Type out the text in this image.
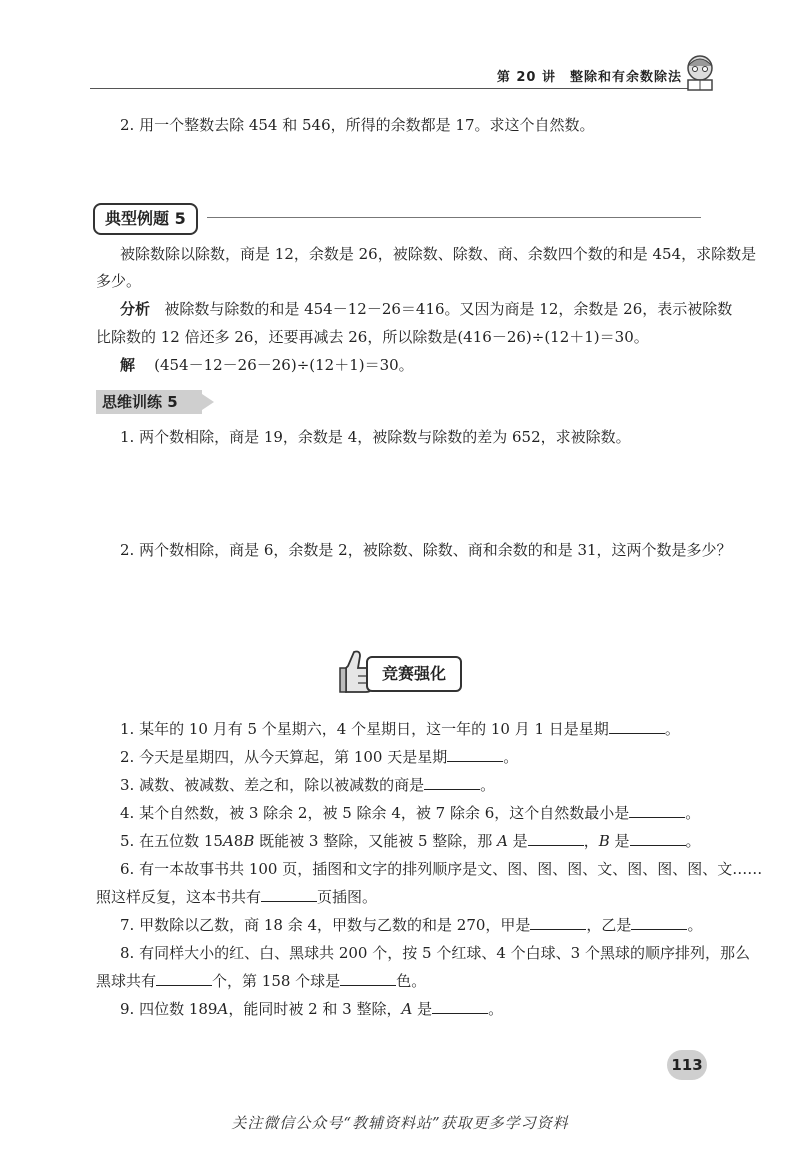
第 20 讲　整除和有余数除法
2. 用一个整数去除 454 和 546，所得的余数都是 17。求这个自然数。
典型例题 5
被除数除以除数，商是 12，余数是 26，被除数、除数、商、余数四个数的和是 454，求除数是
多少。
分析 被除数与除数的和是 454－12－26＝416。又因为商是 12，余数是 26，表示被除数
比除数的 12 倍还多 26，还要再减去 26，所以除数是(416－26)÷(12＋1)＝30。
解 (454－12－26－26)÷(12＋1)＝30。
思维训练 5
1. 两个数相除，商是 19，余数是 4，被除数与除数的差为 652，求被除数。
2. 两个数相除，商是 6，余数是 2，被除数、除数、商和余数的和是 31，这两个数是多少？
竞赛强化
1. 某年的 10 月有 5 个星期六，4 个星期日，这一年的 10 月 1 日是星期	。
2. 今天是星期四，从今天算起，第 100 天是星期	。
3. 减数、被减数、差之和，除以被减数的商是	。
4. 某个自然数，被 3 除余 2，被 5 除余 4，被 7 除余 6，这个自然数最小是	。
5. 在五位数 15A8B 既能被 3 整除，又能被 5 整除，那 A 是	，B 是	。
6. 有一本故事书共 100 页，插图和文字的排列顺序是文、图、图、图、文、图、图、图、文……
照这样反复，这本书共有	页插图。
7. 甲数除以乙数，商 18 余 4，甲数与乙数的和是 270，甲是	，乙是	。
8. 有同样大小的红、白、黑球共 200 个，按 5 个红球、4 个白球、3 个黑球的顺序排列，那么
黑球共有	个，第 158 个球是	色。
9. 四位数 189A，能同时被 2 和 3 整除，A 是	。
113
关注微信公众号“教辅资料站”获取更多学习资料
